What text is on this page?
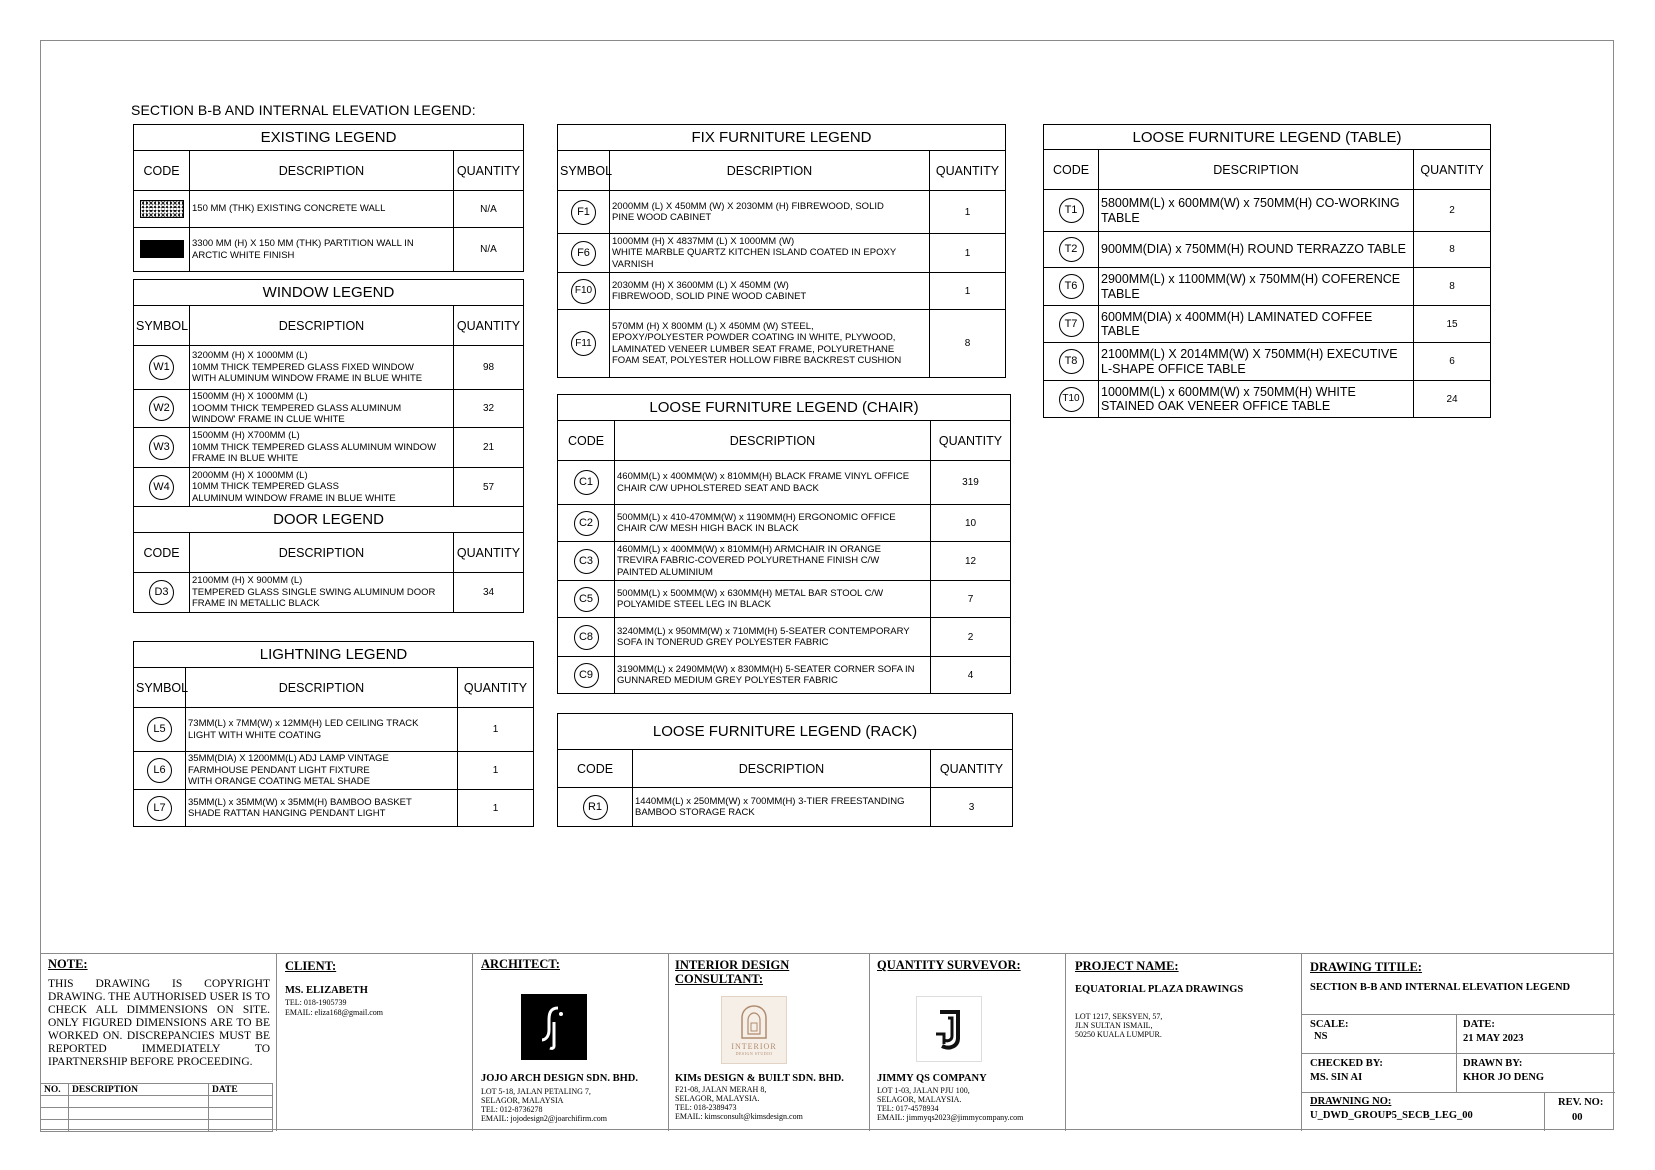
SECTION B-B AND INTERNAL ELEVATION LEGEND:
EXISTING LEGEND		
CODE	DESCRIPTION	QUANTITY
	150 MM (THK) EXISTING CONCRETE WALL	N/A
	3300 MM (H) X 150 MM (THK) PARTITION WALL IN ARCTIC WHITE FINISH	N/A
WINDOW LEGEND		
SYMBOL	DESCRIPTION	QUANTITY
W1	3200MM (H) X 1000MM (L)
10MM THICK TEMPERED GLASS FIXED WINDOW
WITH ALUMINUM WINDOW FRAME IN BLUE WHITE	98
W2	1500MM (H) X 1000MM (L)
1OOMM THICK TEMPERED GLASS ALUMINUM
WINDOW' FRAME IN CLUE WHITE	32
W3	1500MM (H) X700MM (L)
10MM THICK TEMPERED GLASS ALUMINUM WINDOW
FRAME IN BLUE WHITE	21
W4	2000MM (H) X 1000MM (L)
10MM THICK TEMPERED GLASS
ALUMINUM WINDOW FRAME IN BLUE WHITE	57
DOOR LEGEND		
CODE	DESCRIPTION	QUANTITY
D3	2100MM (H) X 900MM (L)
TEMPERED GLASS SINGLE SWING ALUMINUM DOOR
FRAME IN METALLIC BLACK	34
LIGHTNING LEGEND		
SYMBOL	DESCRIPTION	QUANTITY
L5	73MM(L) x 7MM(W) x 12MM(H) LED CEILING TRACK
LIGHT WITH WHITE COATING	1
L6	35MM(DIA) X 1200MM(L) ADJ LAMP VINTAGE
FARMHOUSE PENDANT LIGHT FIXTURE
WITH ORANGE COATING METAL SHADE	1
L7	35MM(L) x 35MM(W) x 35MM(H) BAMBOO BASKET
SHADE RATTAN HANGING PENDANT LIGHT	1
FIX FURNITURE LEGEND		
SYMBOL	DESCRIPTION	QUANTITY
F1	2000MM (L) X 450MM (W) X 2030MM (H) FIBREWOOD, SOLID
PINE WOOD CABINET	1
F6	1000MM (H) X 4837MM (L) X 1000MM (W)
WHITE MARBLE QUARTZ KITCHEN ISLAND COATED IN EPOXY
VARNISH	1
F10	2030MM (H) X 3600MM (L) X 450MM (W)
FIBREWOOD, SOLID PINE WOOD CABINET	1
F11	570MM (H) X 800MM (L) X 450MM (W) STEEL,
EPOXY/POLYESTER POWDER COATING IN WHITE, PLYWOOD,
LAMINATED VENEER LUMBER SEAT FRAME, POLYURETHANE
FOAM SEAT, POLYESTER HOLLOW FIBRE BACKREST CUSHION	8
LOOSE FURNITURE LEGEND (CHAIR)		
CODE	DESCRIPTION	QUANTITY
C1	460MM(L) x 400MM(W) x 810MM(H) BLACK FRAME VINYL OFFICE
CHAIR C/W UPHOLSTERED SEAT AND BACK	319
C2	500MM(L) x 410-470MM(W) x 1190MM(H) ERGONOMIC OFFICE
CHAIR C/W MESH HIGH BACK IN BLACK	10
C3	460MM(L) x 400MM(W) x 810MM(H) ARMCHAIR IN ORANGE
TREVIRA FABRIC-COVERED POLYURETHANE FINISH C/W
PAINTED ALUMINIUM	12
C5	500MM(L) x 500MM(W) x 630MM(H) METAL BAR STOOL C/W
POLYAMIDE STEEL LEG IN BLACK	7
C8	3240MM(L) x 950MM(W) x 710MM(H) 5-SEATER CONTEMPORARY
SOFA IN TONERUD GREY POLYESTER FABRIC	2
C9	3190MM(L) x 2490MM(W) x 830MM(H) 5-SEATER CORNER SOFA IN
GUNNARED MEDIUM GREY POLYESTER FABRIC	4
LOOSE FURNITURE LEGEND (RACK)		
CODE	DESCRIPTION	QUANTITY
R1	1440MM(L) x 250MM(W) x 700MM(H) 3-TIER FREESTANDING
BAMBOO STORAGE RACK	3
LOOSE FURNITURE LEGEND (TABLE)		
CODE	DESCRIPTION	QUANTITY
T1	5800MM(L) x 600MM(W) x 750MM(H) CO-WORKING
TABLE	2
T2	900MM(DIA) x 750MM(H) ROUND TERRAZZO TABLE	8
T6	2900MM(L) x 1100MM(W) x 750MM(H) COFERENCE
TABLE	8
T7	600MM(DIA) x 400MM(H) LAMINATED COFFEE
TABLE	15
T8	2100MM(L) X 2014MM(W) X 750MM(H) EXECUTIVE
L-SHAPE OFFICE TABLE	6
T10	1000MM(L) x 600MM(W) x 750MM(H) WHITE
STAINED OAK VENEER OFFICE TABLE	24
NOTE:
THIS DRAWING IS COPYRIGHT DRAWING. THE AUTHORISED USER IS TO CHECK ALL DIMMENSIONS ON SITE. ONLY FIGURED DIMENSIONS ARE TO BE WORKED ON. DISCREPANCIES MUST BE REPORTED IMMEDIATELY TO IPARTNERSHIP BEFORE PROCEEDING.
NO.	DESCRIPTION	DATE

CLIENT:
MS. ELIZABETH
TEL: 018-1905739
EMAIL: eliza168@gmail.com
ARCHITECT:
JOJO ARCH DESIGN SDN. BHD.
LOT 5-18, JALAN PETALING 7,
SELAGOR, MALAYSIA
TEL: 012-8736278
EMAIL: jojodesign2@joarchifirm.com
INTERIOR DESIGN
CONSULTANT:
INTERIOR
DESIGN STUDIO
KIMs DESIGN & BUILT SDN. BHD.
F21-08, JALAN MERAH 8,
SELAGOR, MALAYSIA.
TEL: 018-2389473
EMAIL: kimsconsult@kimsdesign.com
QUANTITY SURVEVOR:
JIMMY QS COMPANY
LOT 1-03, JALAN PJU 100,
SELAGOR, MALAYSIA.
TEL: 017-4578934
EMAIL: jimmyqs2023@jimmycompany.com
PROJECT NAME:
EQUATORIAL PLAZA DRAWINGS
LOT 1217, SEKSYEN, 57,
JLN SULTAN ISMAIL,
50250 KUALA LUMPUR.
DRAWING TITILE:
SECTION B-B AND INTERNAL ELEVATION LEGEND
SCALE:
NS
DATE:
21 MAY 2023
CHECKED BY:
MS. SIN AI
DRAWN BY:
KHOR JO DENG
DRAWNING NO:
U_DWD_GROUP5_SECB_LEG_00
REV. NO:
00
